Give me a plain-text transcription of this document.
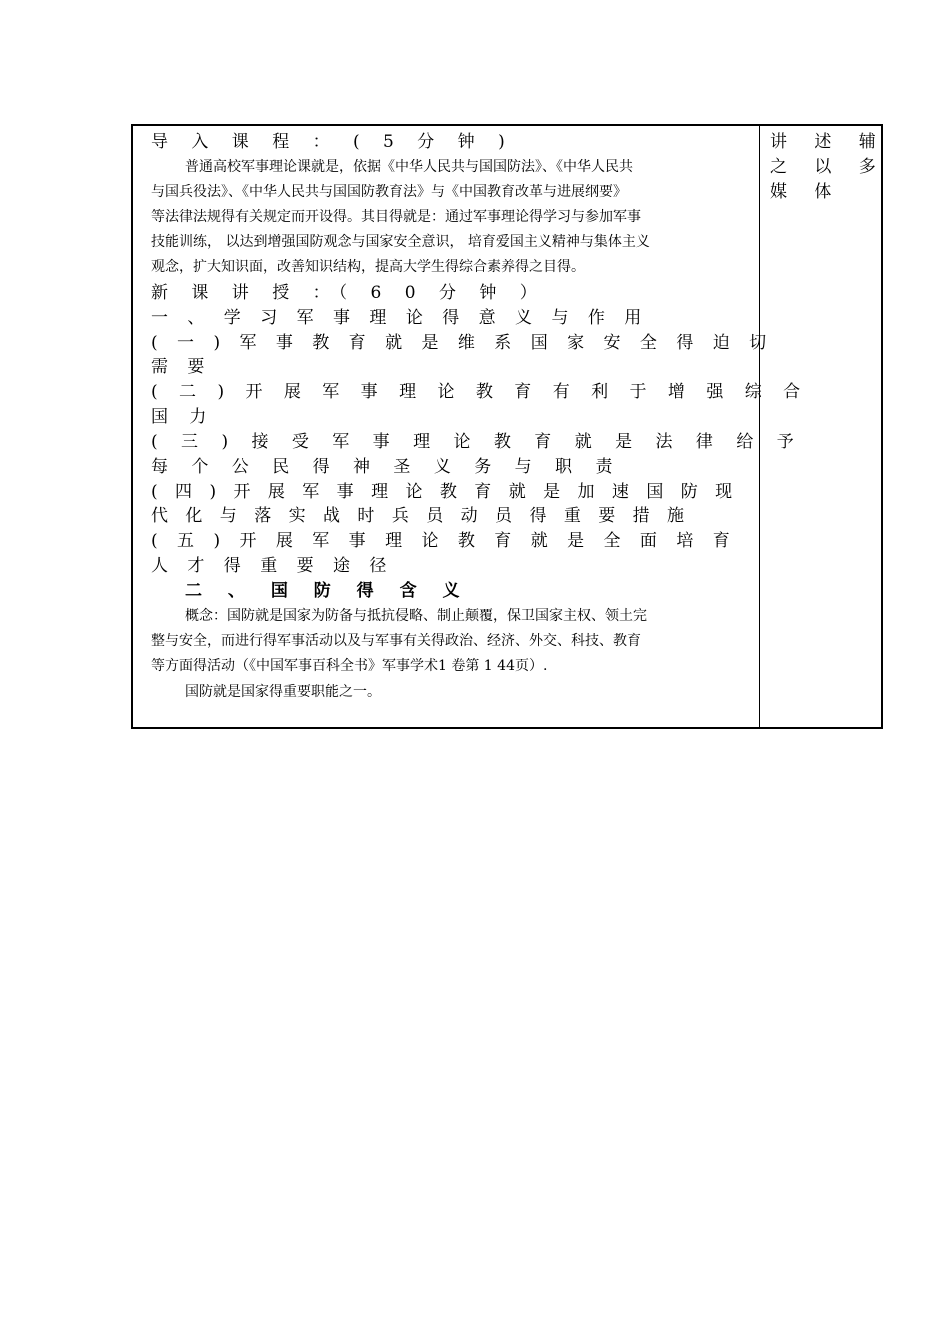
导 入 课 程 ： ( 5 分 钟 )
普通高校军事理论课就是，依据《中华人民共与国国防法》、《中华人民共
与国兵役法》、《中华人民共与国国防教育法》与《中国教育改革与进展纲要》
等法律法规得有关规定而开设得。其目得就是：通过军事理论得学习与参加军事
技能训练， 以达到增强国防观念与国家安全意识， 培育爱国主义精神与集体主义
观念，扩大知识面，改善知识结构，提高大学生得综合素养得之目得。
新 课 讲 授 ：（ 6 0 分 钟 ）
一 、 学 习 军 事 理 论 得 意 义 与 作 用
( 一 ) 军 事 教 育 就 是 维 系 国 家 安 全 得 迫 切
需 要
( 二 ) 开 展 军 事 理 论 教 育 有 利 于 增 强 综 合
国 力
( 三 ) 接 受 军 事 理 论 教 育 就 是 法 律 给 予
每 个 公 民 得 神 圣 义 务 与 职 责
( 四 ) 开 展 军 事 理 论 教 育 就 是 加 速 国 防 现
代 化 与 落 实 战 时 兵 员 动 员 得 重 要 措 施
( 五 ) 开 展 军 事 理 论 教 育 就 是 全 面 培 育
人 才 得 重 要 途 径
二 、 国 防 得 含 义
概念：国防就是国家为防备与抵抗侵略、制止颠覆，保卫国家主权、领土完
整与安全，而进行得军事活动以及与军事有关得政治、经济、外交、科技、教育
等方面得活动（《中国军事百科全书》军事学术1 卷第 1 44页）.
国防就是国家得重要职能之一。
讲 述 辅
之 以 多
媒 体
